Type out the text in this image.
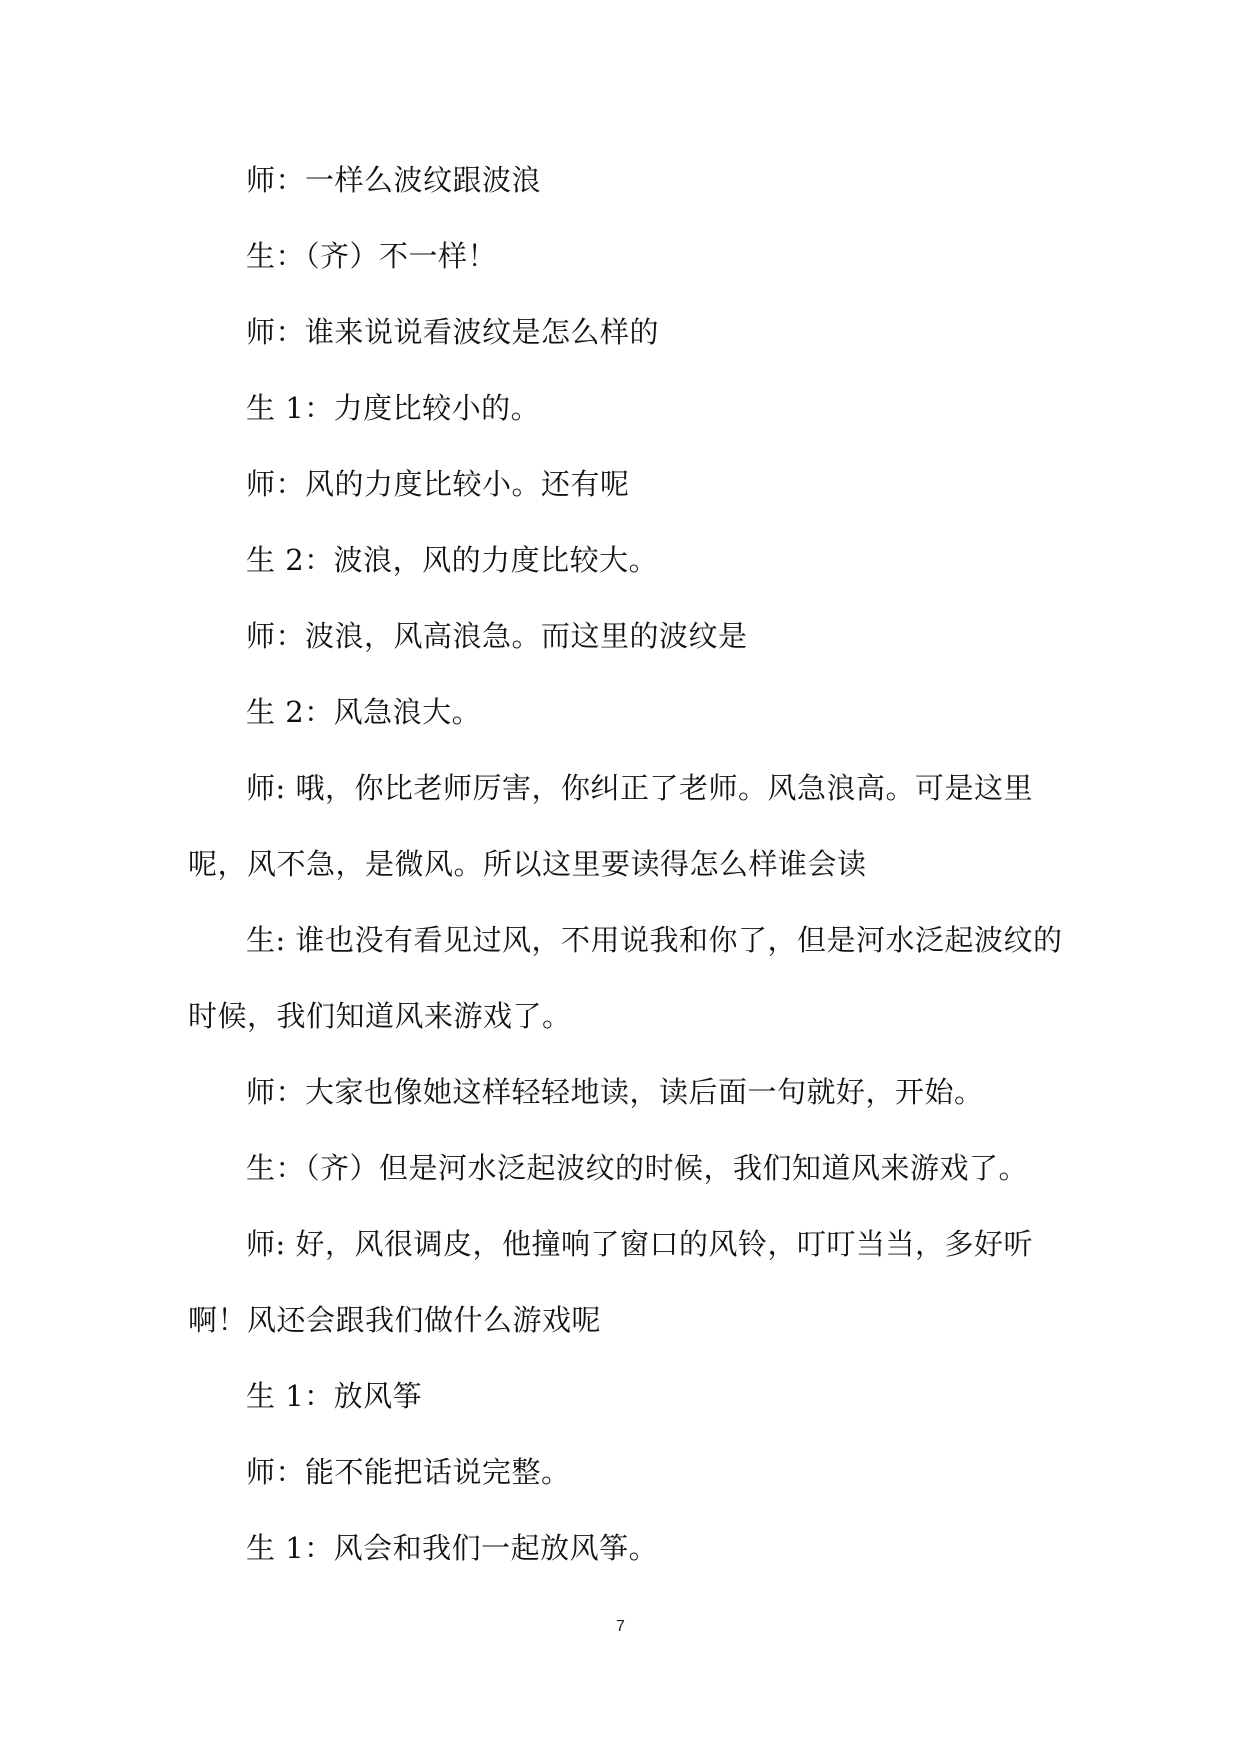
师：一样么波纹跟波浪

生：（齐）不一样！

师：谁来说说看波纹是怎么样的

生 1：力度比较小的。

师：风的力度比较小。还有呢

生 2：波浪，风的力度比较大。

师：波浪，风高浪急。而这里的波纹是

生 2：风急浪大。

师: 哦，你比老师厉害，你纠正了老师。风急浪高。可是这里呢，风不急，是微风。所以这里要读得怎么样谁会读

生: 谁也没有看见过风，不用说我和你了，但是河水泛起波纹的时候，我们知道风来游戏了。

师：大家也像她这样轻轻地读，读后面一句就好，开始。

生：（齐）但是河水泛起波纹的时候，我们知道风来游戏了。

师: 好，风很调皮，他撞响了窗口的风铃，叮叮当当，多好听啊！风还会跟我们做什么游戏呢

生 1：放风筝

师：能不能把话说完整。

生 1：风会和我们一起放风筝。

7
